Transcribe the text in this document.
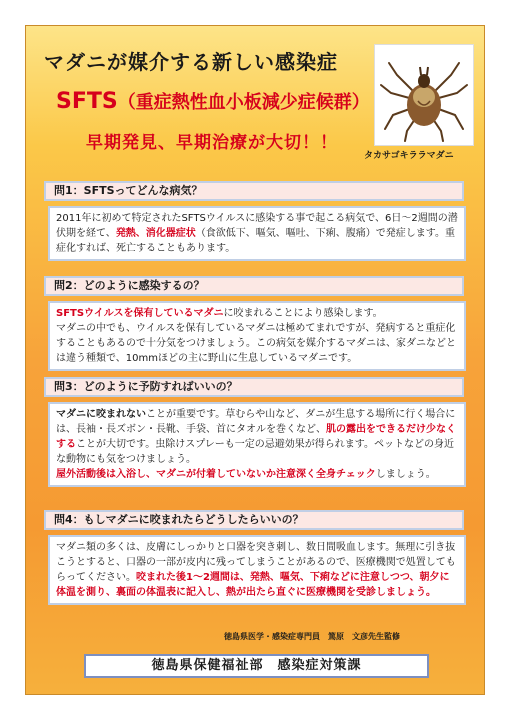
マダニが媒介する新しい感染症
SFTS（重症熱性血小板減少症候群）
早期発見、早期治療が大切！！
タカサゴキララマダニ
問1：SFTSってどんな病気？
2011年に初めて特定されたSFTSウイルスに感染する事で起こる病気で、6日～2週間の潜伏期を経て、発熱、消化器症状（食欲低下、嘔気、嘔吐、下痢、腹痛）で発症します。重症化すれば、死亡することもあります。
問2：どのように感染するの？
SFTSウイルスを保有しているマダニに咬まれることにより感染します。
マダニの中でも、ウイルスを保有しているマダニは極めてまれですが、発病すると重症化することもあるので十分気をつけましょう。この病気を媒介するマダニは、家ダニなどとは違う種類で、10mmほどの主に野山に生息しているマダニです。
問3：どのように予防すればいいの？
マダニに咬まれないことが重要です。草むらや山など、ダニが生息する場所に行く場合には、長袖・長ズボン・長靴、手袋、首にタオルを巻くなど、肌の露出をできるだけ少なくすることが大切です。虫除けスプレーも一定の忌避効果が得られます。ペットなどの身近な動物にも気をつけましょう。
屋外活動後は入浴し、マダニが付着していないか注意深く全身チェックしましょう。
問4：もしマダニに咬まれたらどうしたらいいの？
マダニ類の多くは、皮膚にしっかりと口器を突き刺し、数日間吸血します。無理に引き抜こうとすると、口器の一部が皮内に残ってしまうことがあるので、医療機関で処置してもらってください。咬まれた後1～2週間は、発熱、嘔気、下痢などに注意しつつ、朝夕に体温を測り、裏面の体温表に記入し、熱が出たら直ぐに医療機関を受診しましょう。
徳島県医学・感染症専門員　篤原　文彦先生監修
徳島県保健福祉部　感染症対策課
